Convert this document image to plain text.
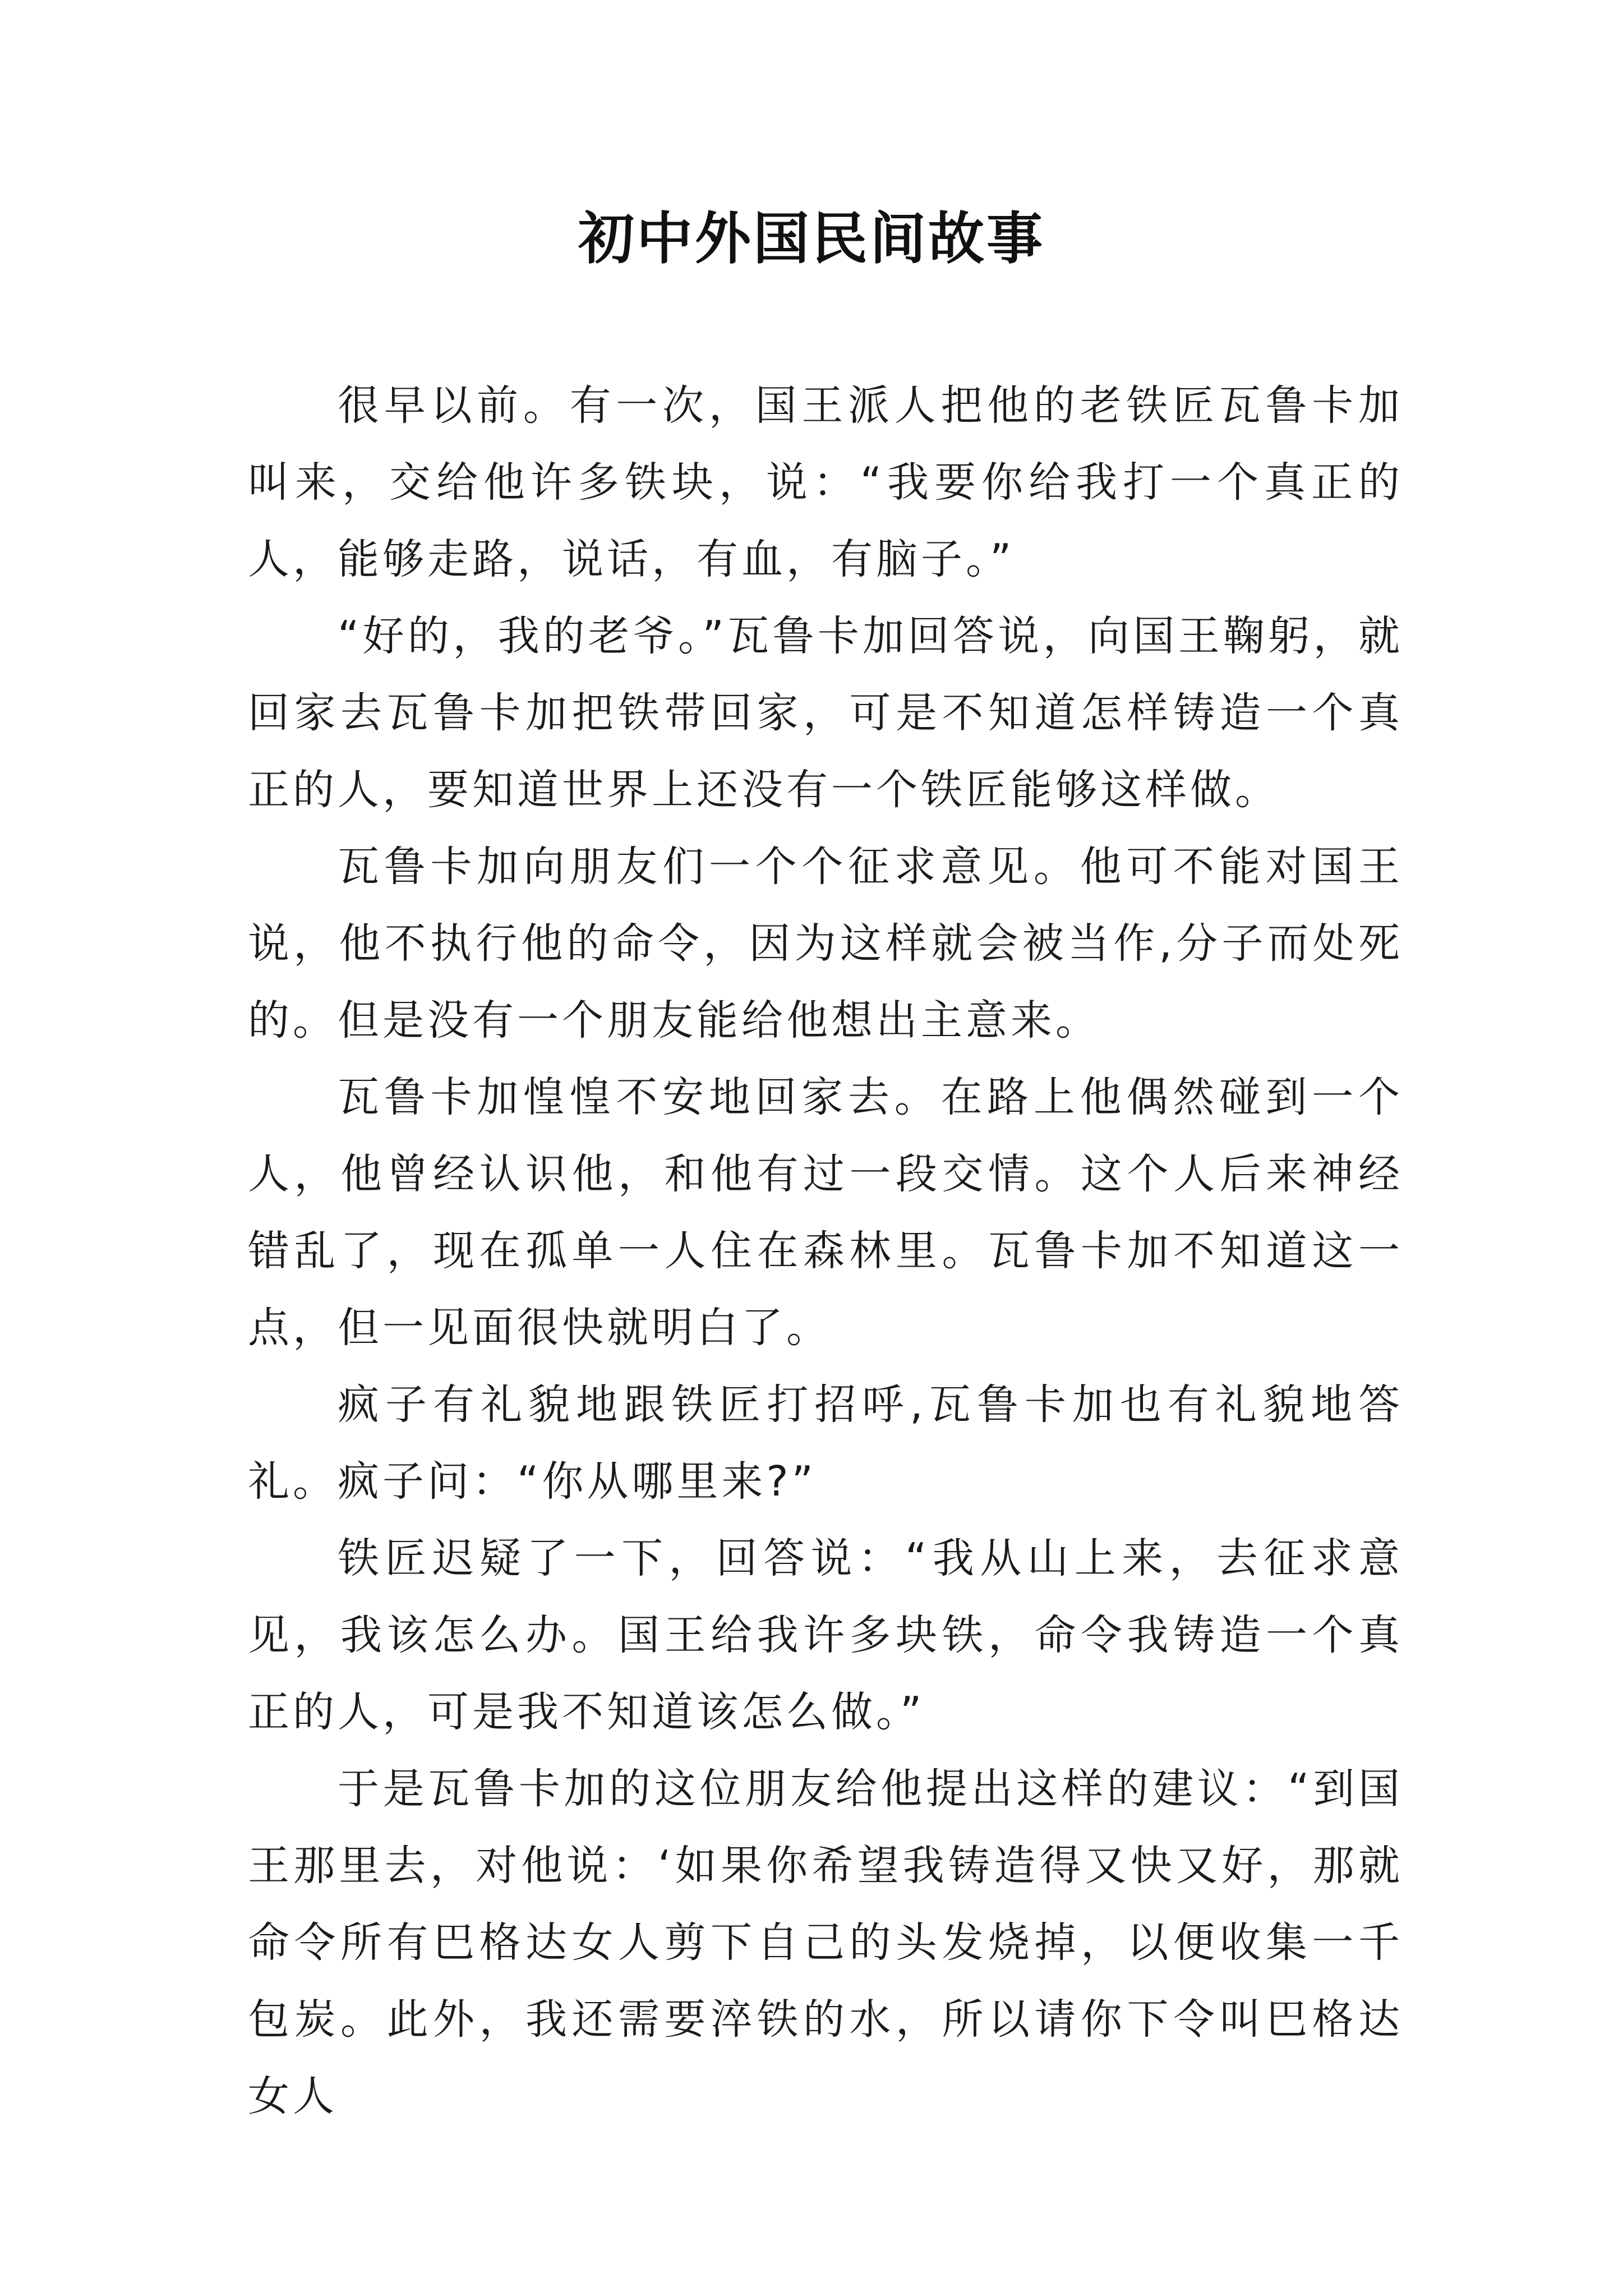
初中外国民间故事

很早以前。有一次，国王派人把他的老铁匠瓦鲁卡加叫来，交给他许多铁块，说：“我要你给我打一个真正的人，能够走路，说话，有血，有脑子。”

“好的，我的老爷。”瓦鲁卡加回答说，向国王鞠躬，就回家去瓦鲁卡加把铁带回家，可是不知道怎样铸造一个真正的人，要知道世界上还没有一个铁匠能够这样做。

瓦鲁卡加向朋友们一个个征求意见。他可不能对国王说，他不执行他的命令，因为这样就会被当作,分子而处死的。但是没有一个朋友能给他想出主意来。

瓦鲁卡加惶惶不安地回家去。在路上他偶然碰到一个人，他曾经认识他，和他有过一段交情。这个人后来神经错乱了，现在孤单一人住在森林里。瓦鲁卡加不知道这一点，但一见面很快就明白了。

疯子有礼貌地跟铁匠打招呼,瓦鲁卡加也有礼貌地答礼。疯子问：“你从哪里来?”

铁匠迟疑了一下，回答说：“我从山上来，去征求意见，我该怎么办。国王给我许多块铁，命令我铸造一个真正的人，可是我不知道该怎么做。”

于是瓦鲁卡加的这位朋友给他提出这样的建议：“到国王那里去，对他说：‘如果你希望我铸造得又快又好，那就命令所有巴格达女人剪下自己的头发烧掉，以便收集一千包炭。此外，我还需要淬铁的水，所以请你下令叫巴格达女人
